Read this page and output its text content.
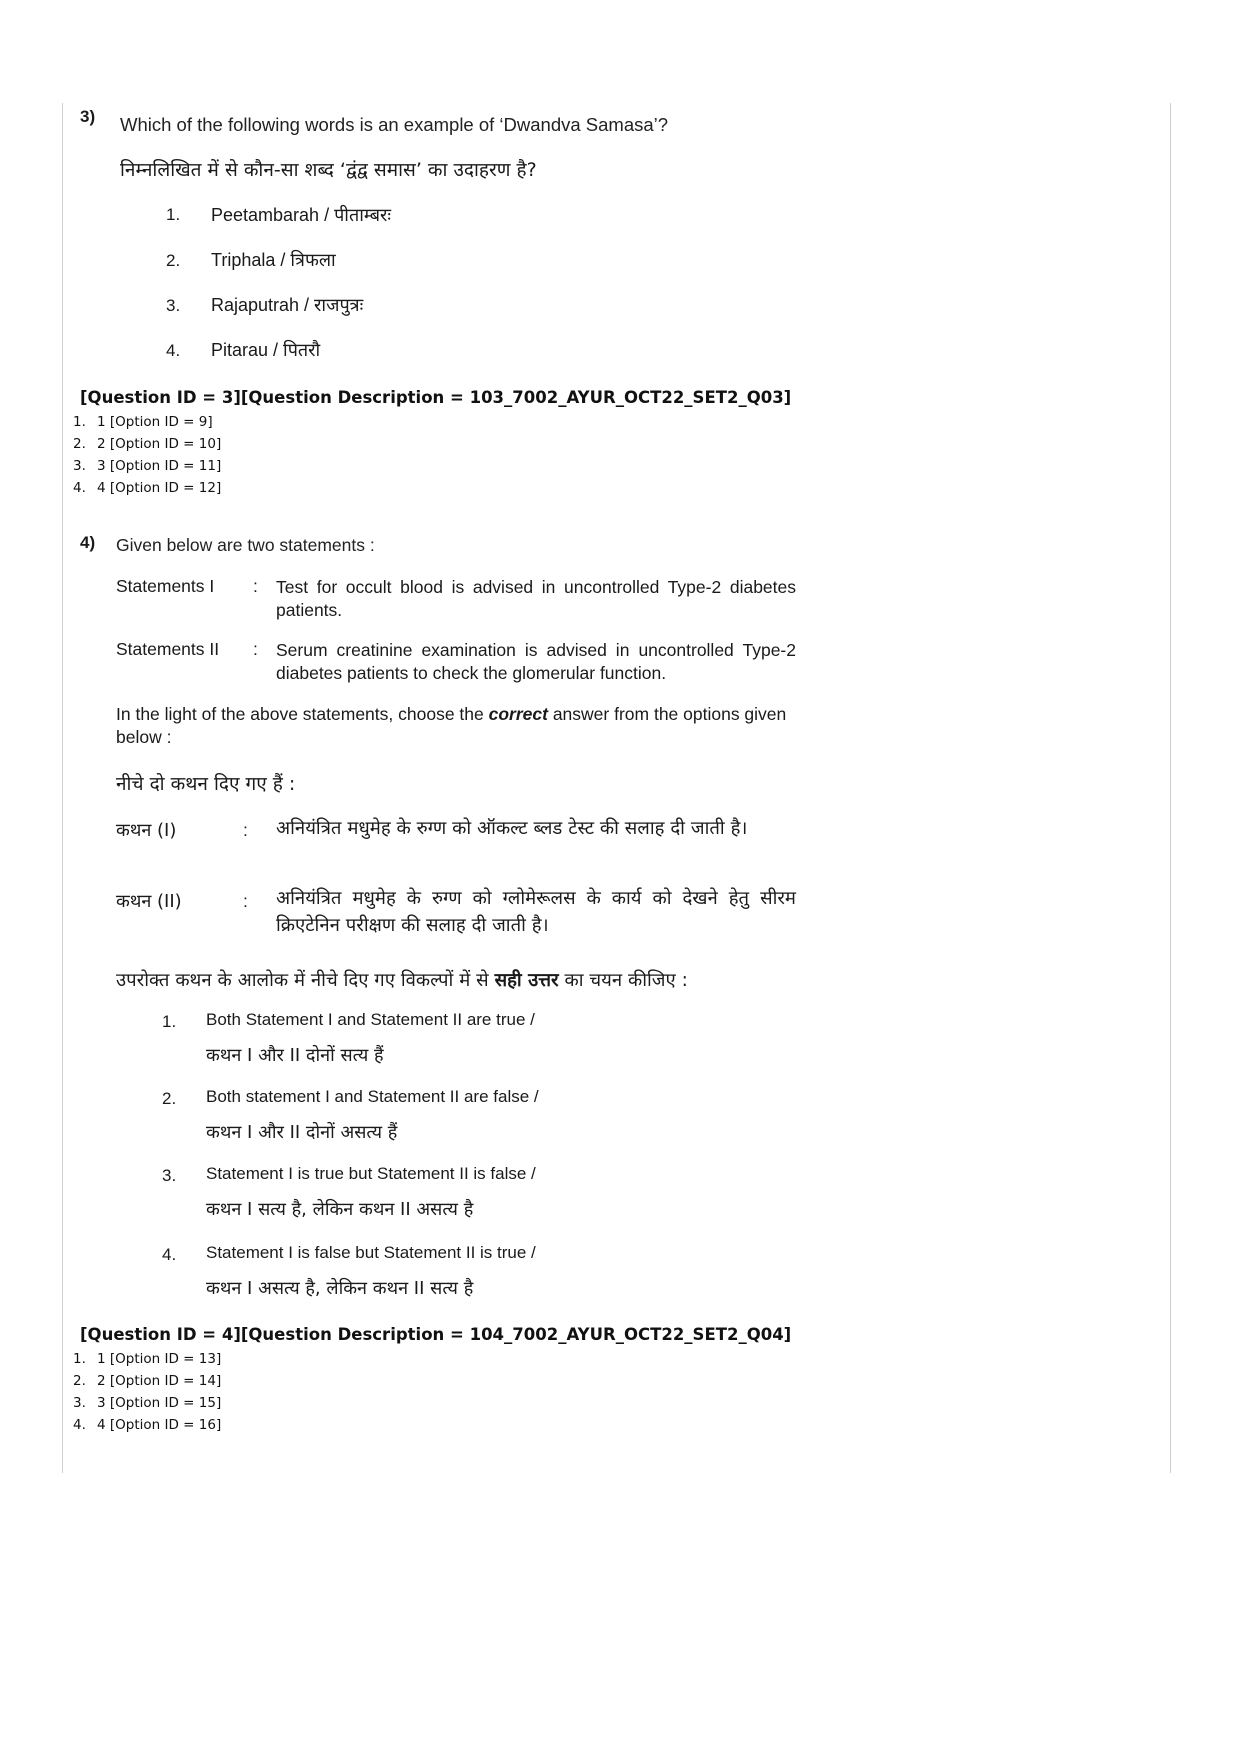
3) Which of the following words is an example of ‘Dwandva Samasa’?
निम्नलिखित में से कौन-सा शब्द ‘द्वंद्व समास’ का उदाहरण है?
1. Peetambarah / पीताम्बरः
2. Triphala / त्रिफला
3. Rajaputrah / राजपुत्रः
4. Pitarau / पितरौ
[Question ID = 3][Question Description = 103_7002_AYUR_OCT22_SET2_Q03]
1. 1 [Option ID = 9]
2. 2 [Option ID = 10]
3. 3 [Option ID = 11]
4. 4 [Option ID = 12]
4) Given below are two statements :
Statements I : Test for occult blood is advised in uncontrolled Type-2 diabetes patients.
Statements II : Serum creatinine examination is advised in uncontrolled Type-2 diabetes patients to check the glomerular function.
In the light of the above statements, choose the correct answer from the options given below :
नीचे दो कथन दिए गए हैं :
कथन (I)	: अनियंत्रित मधुमेह के रुग्ण को ऑकल्ट ब्लड टेस्ट की सलाह दी जाती है।
कथन (II)	: अनियंत्रित मधुमेह के रुग्ण को ग्लोमेरूलस के कार्य को देखने हेतु सीरम क्रिएटेनिन परीक्षण की सलाह दी जाती है।
उपरोक्त कथन के आलोक में नीचे दिए गए विकल्पों में से सही उत्तर का चयन कीजिए :
1. Both Statement I and Statement II are true /
कथन I और II दोनों सत्य हैं
2. Both statement I and Statement II are false /
कथन I और II दोनों असत्य हैं
3. Statement I is true but Statement II is false /
कथन I सत्य है, लेकिन कथन II असत्य है
4. Statement I is false but Statement II is true /
कथन I असत्य है, लेकिन कथन II सत्य है
[Question ID = 4][Question Description = 104_7002_AYUR_OCT22_SET2_Q04]
1. 1 [Option ID = 13]
2. 2 [Option ID = 14]
3. 3 [Option ID = 15]
4. 4 [Option ID = 16]
